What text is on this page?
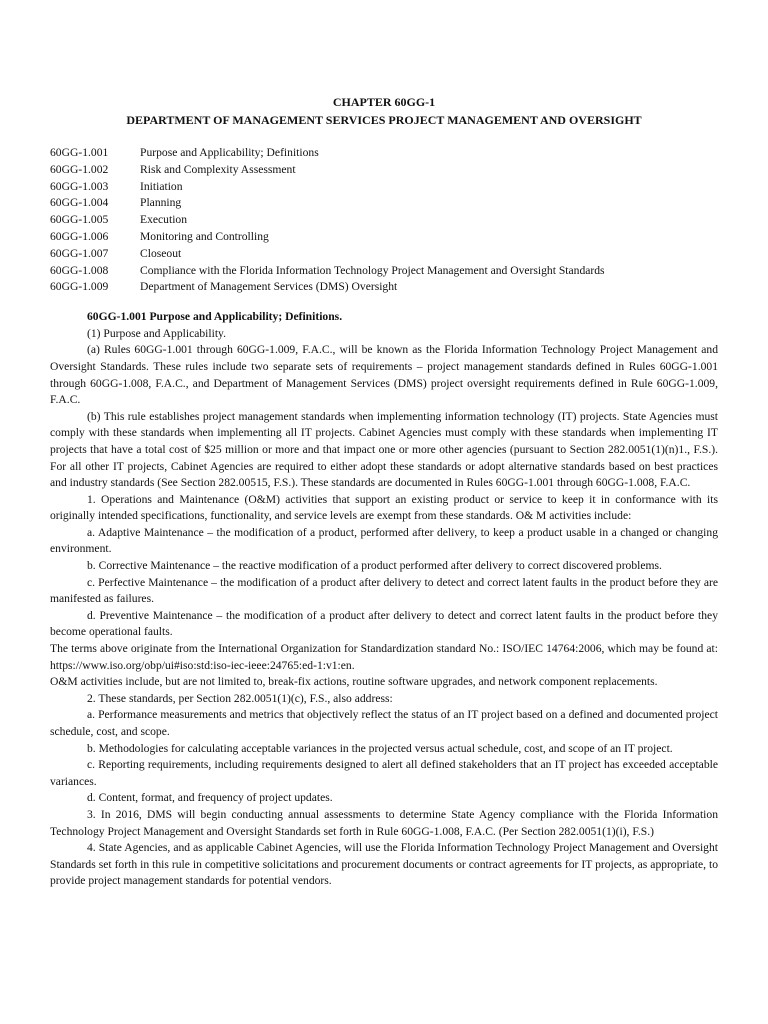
CHAPTER 60GG-1
DEPARTMENT OF MANAGEMENT SERVICES PROJECT MANAGEMENT AND OVERSIGHT
60GG-1.001	Purpose and Applicability; Definitions
60GG-1.002	Risk and Complexity Assessment
60GG-1.003	Initiation
60GG-1.004	Planning
60GG-1.005	Execution
60GG-1.006	Monitoring and Controlling
60GG-1.007	Closeout
60GG-1.008	Compliance with the Florida Information Technology Project Management and Oversight Standards
60GG-1.009	Department of Management Services (DMS) Oversight
60GG-1.001 Purpose and Applicability; Definitions.

(1) Purpose and Applicability.

(a) Rules 60GG-1.001 through 60GG-1.009, F.A.C., will be known as the Florida Information Technology Project Management and Oversight Standards. These rules include two separate sets of requirements – project management standards defined in Rules 60GG-1.001 through 60GG-1.008, F.A.C., and Department of Management Services (DMS) project oversight requirements defined in Rule 60GG-1.009, F.A.C.

(b) This rule establishes project management standards when implementing information technology (IT) projects. State Agencies must comply with these standards when implementing all IT projects. Cabinet Agencies must comply with these standards when implementing IT projects that have a total cost of $25 million or more and that impact one or more other agencies (pursuant to Section 282.0051(1)(n)1., F.S.). For all other IT projects, Cabinet Agencies are required to either adopt these standards or adopt alternative standards based on best practices and industry standards (See Section 282.00515, F.S.). These standards are documented in Rules 60GG-1.001 through 60GG-1.008, F.A.C.

1. Operations and Maintenance (O&M) activities that support an existing product or service to keep it in conformance with its originally intended specifications, functionality, and service levels are exempt from these standards. O& M activities include:

a. Adaptive Maintenance – the modification of a product, performed after delivery, to keep a product usable in a changed or changing environment.

b. Corrective Maintenance – the reactive modification of a product performed after delivery to correct discovered problems.

c. Perfective Maintenance – the modification of a product after delivery to detect and correct latent faults in the product before they are manifested as failures.

d. Preventive Maintenance – the modification of a product after delivery to detect and correct latent faults in the product before they become operational faults.

The terms above originate from the International Organization for Standardization standard No.: ISO/IEC 14764:2006, which may be found at: https://www.iso.org/obp/ui#iso:std:iso-iec-ieee:24765:ed-1:v1:en.

O&M activities include, but are not limited to, break-fix actions, routine software upgrades, and network component replacements.

2. These standards, per Section 282.0051(1)(c), F.S., also address:

a. Performance measurements and metrics that objectively reflect the status of an IT project based on a defined and documented project schedule, cost, and scope.

b. Methodologies for calculating acceptable variances in the projected versus actual schedule, cost, and scope of an IT project.

c. Reporting requirements, including requirements designed to alert all defined stakeholders that an IT project has exceeded acceptable variances.

d. Content, format, and frequency of project updates.

3. In 2016, DMS will begin conducting annual assessments to determine State Agency compliance with the Florida Information Technology Project Management and Oversight Standards set forth in Rule 60GG-1.008, F.A.C. (Per Section 282.0051(1)(i), F.S.)

4. State Agencies, and as applicable Cabinet Agencies, will use the Florida Information Technology Project Management and Oversight Standards set forth in this rule in competitive solicitations and procurement documents or contract agreements for IT projects, as appropriate, to provide project management standards for potential vendors.
